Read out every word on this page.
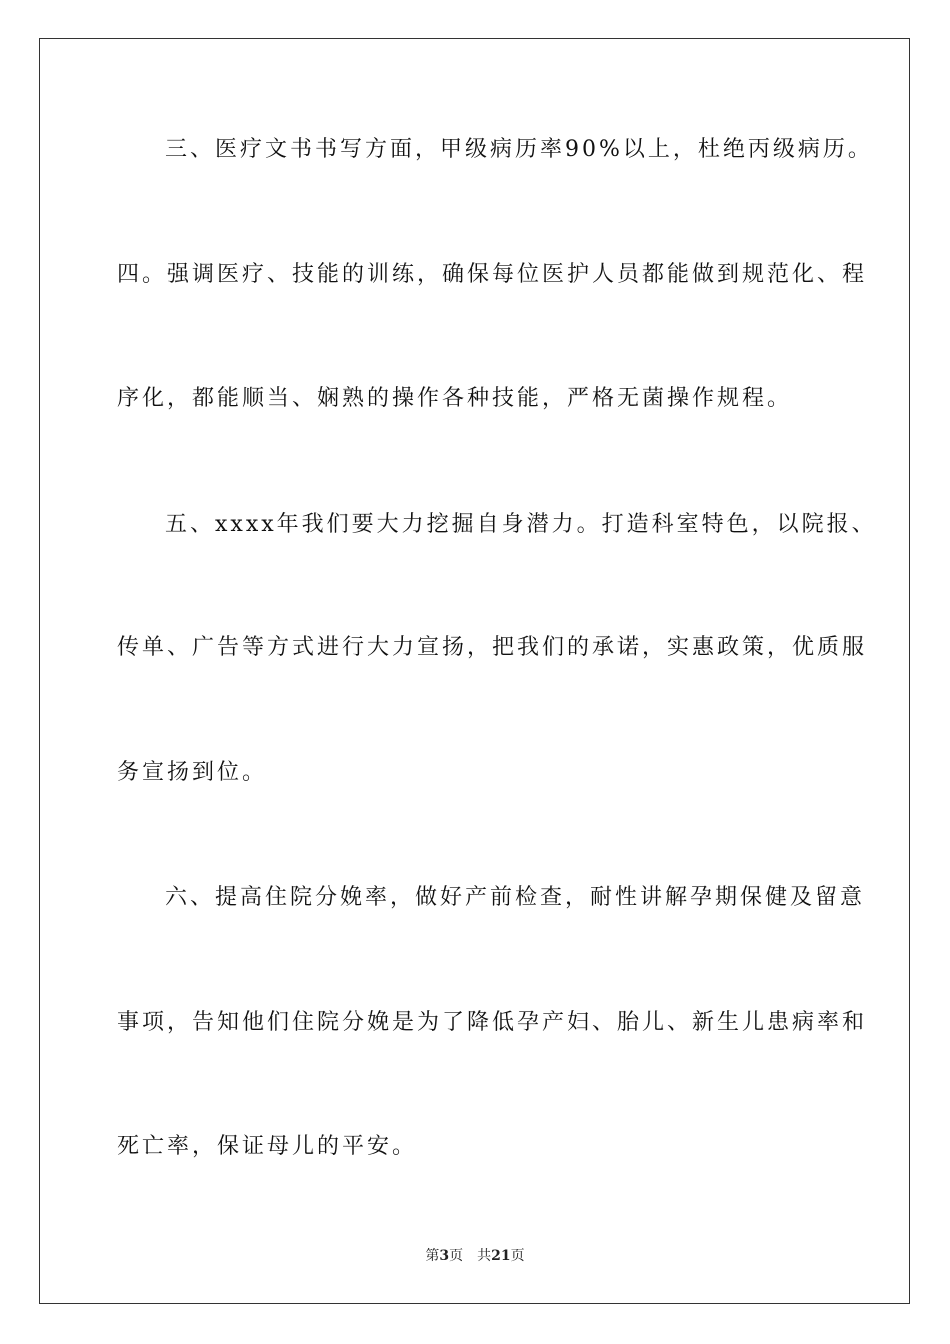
三、医疗文书书写方面，甲级病历率90%以上，杜绝丙级病历。
四。强调医疗、技能的训练，确保每位医护人员都能做到规范化、程
序化，都能顺当、娴熟的操作各种技能，严格无菌操作规程。
五、xxxx年我们要大力挖掘自身潜力。打造科室特色，以院报、
传单、广告等方式进行大力宣扬，把我们的承诺，实惠政策，优质服
务宣扬到位。
六、提高住院分娩率，做好产前检查，耐性讲解孕期保健及留意
事项，告知他们住院分娩是为了降低孕产妇、胎儿、新生儿患病率和
死亡率，保证母儿的平安。
第3页 共21页
